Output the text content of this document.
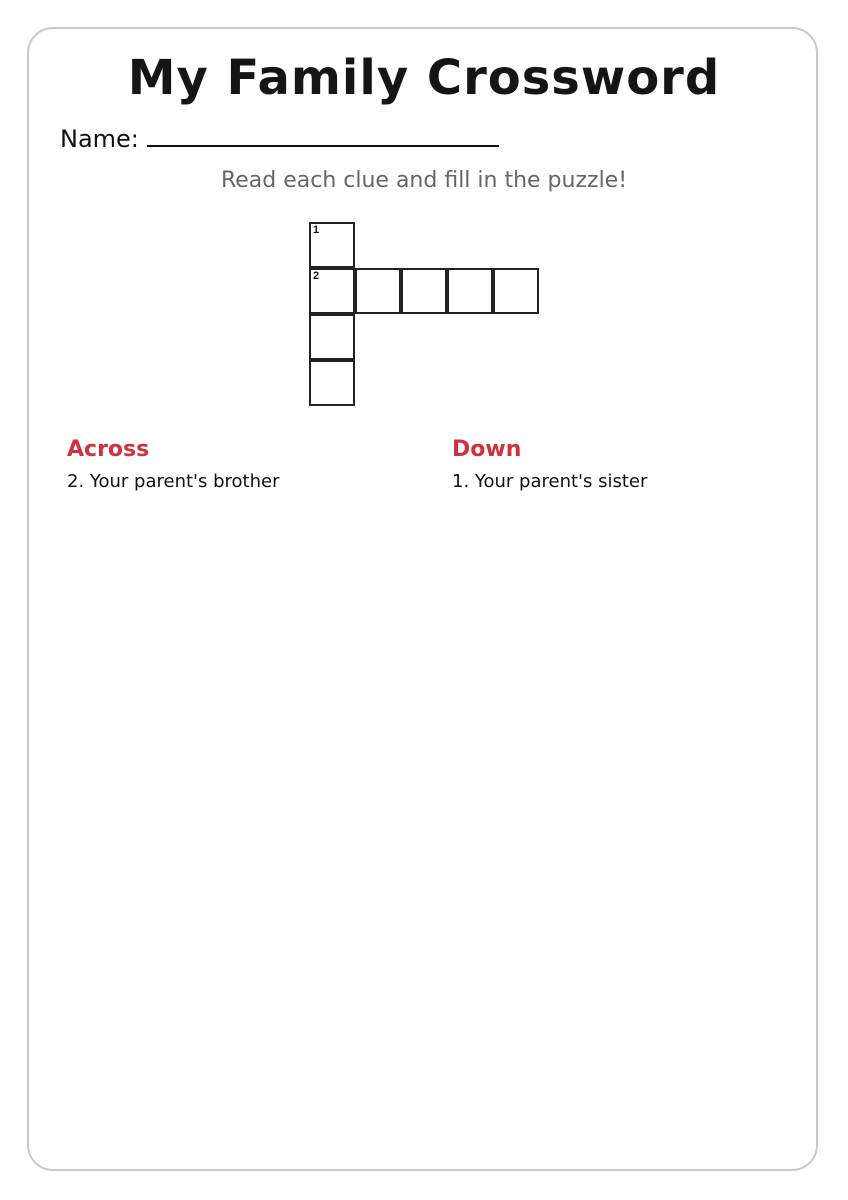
My Family Crossword
Name:
Read each clue and fill in the puzzle!
1
2
Across
2. Your parent's brother
Down
1. Your parent's sister
